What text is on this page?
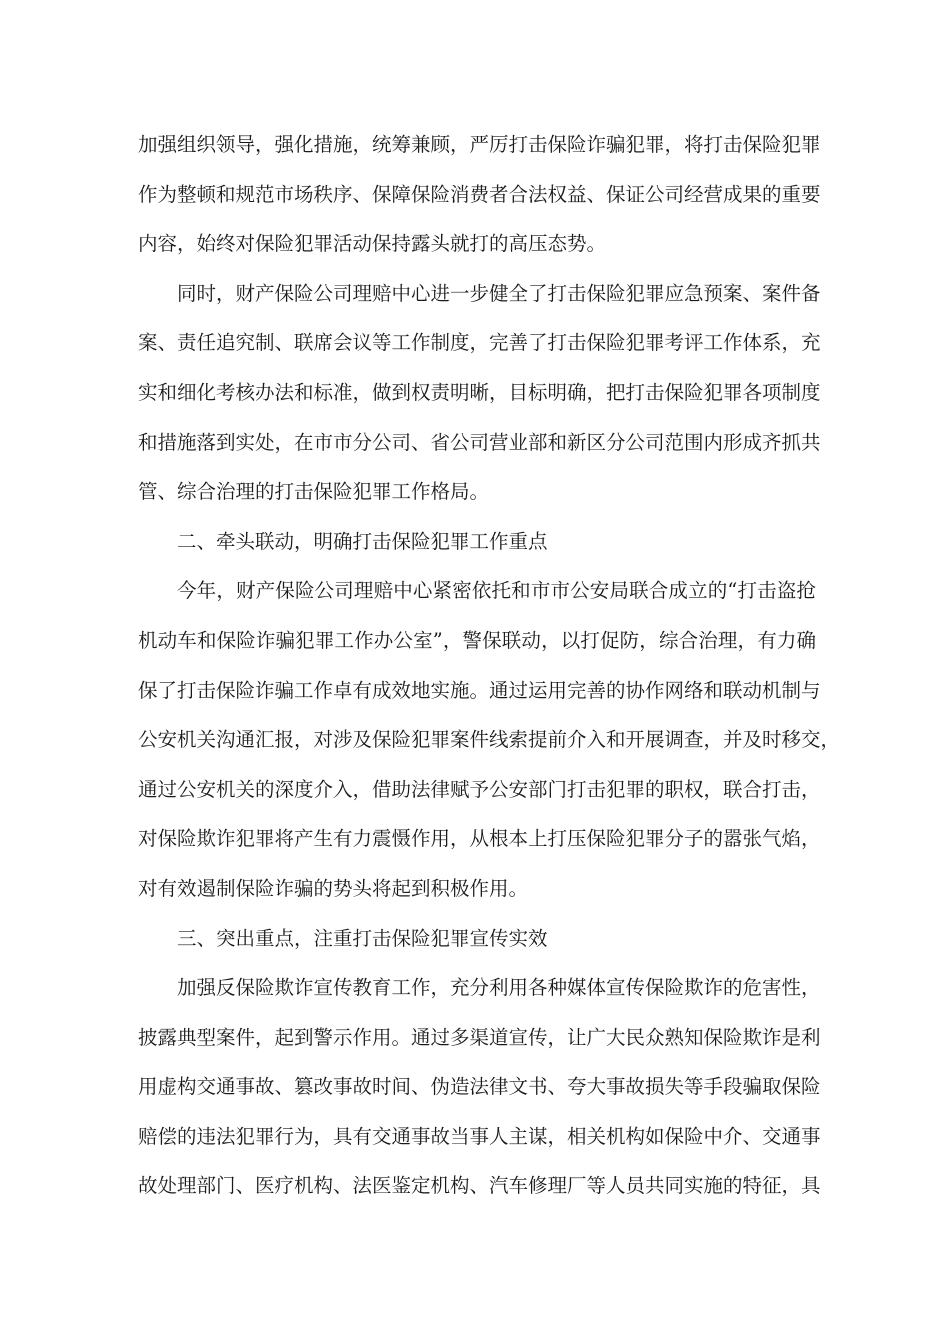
加强组织领导，强化措施，统筹兼顾，严厉打击保险诈骗犯罪，将打击保险犯罪
作为整顿和规范市场秩序、保障保险消费者合法权益、保证公司经营成果的重要
内容，始终对保险犯罪活动保持露头就打的高压态势。
同时，财产保险公司理赔中心进一步健全了打击保险犯罪应急预案、案件备
案、责任追究制、联席会议等工作制度，完善了打击保险犯罪考评工作体系，充
实和细化考核办法和标准，做到权责明晰，目标明确，把打击保险犯罪各项制度
和措施落到实处，在市市分公司、省公司营业部和新区分公司范围内形成齐抓共
管、综合治理的打击保险犯罪工作格局。
二、牵头联动，明确打击保险犯罪工作重点
今年，财产保险公司理赔中心紧密依托和市市公安局联合成立的“打击盗抢
机动车和保险诈骗犯罪工作办公室”，警保联动，以打促防，综合治理，有力确
保了打击保险诈骗工作卓有成效地实施。通过运用完善的协作网络和联动机制与
公安机关沟通汇报，对涉及保险犯罪案件线索提前介入和开展调查，并及时移交，
通过公安机关的深度介入，借助法律赋予公安部门打击犯罪的职权，联合打击，
对保险欺诈犯罪将产生有力震慑作用，从根本上打压保险犯罪分子的嚣张气焰，
对有效遏制保险诈骗的势头将起到积极作用。
三、突出重点，注重打击保险犯罪宣传实效
加强反保险欺诈宣传教育工作，充分利用各种媒体宣传保险欺诈的危害性，
披露典型案件，起到警示作用。通过多渠道宣传，让广大民众熟知保险欺诈是利
用虚构交通事故、篡改事故时间、伪造法律文书、夸大事故损失等手段骗取保险
赔偿的违法犯罪行为，具有交通事故当事人主谋，相关机构如保险中介、交通事
故处理部门、医疗机构、法医鉴定机构、汽车修理厂等人员共同实施的特征，具
